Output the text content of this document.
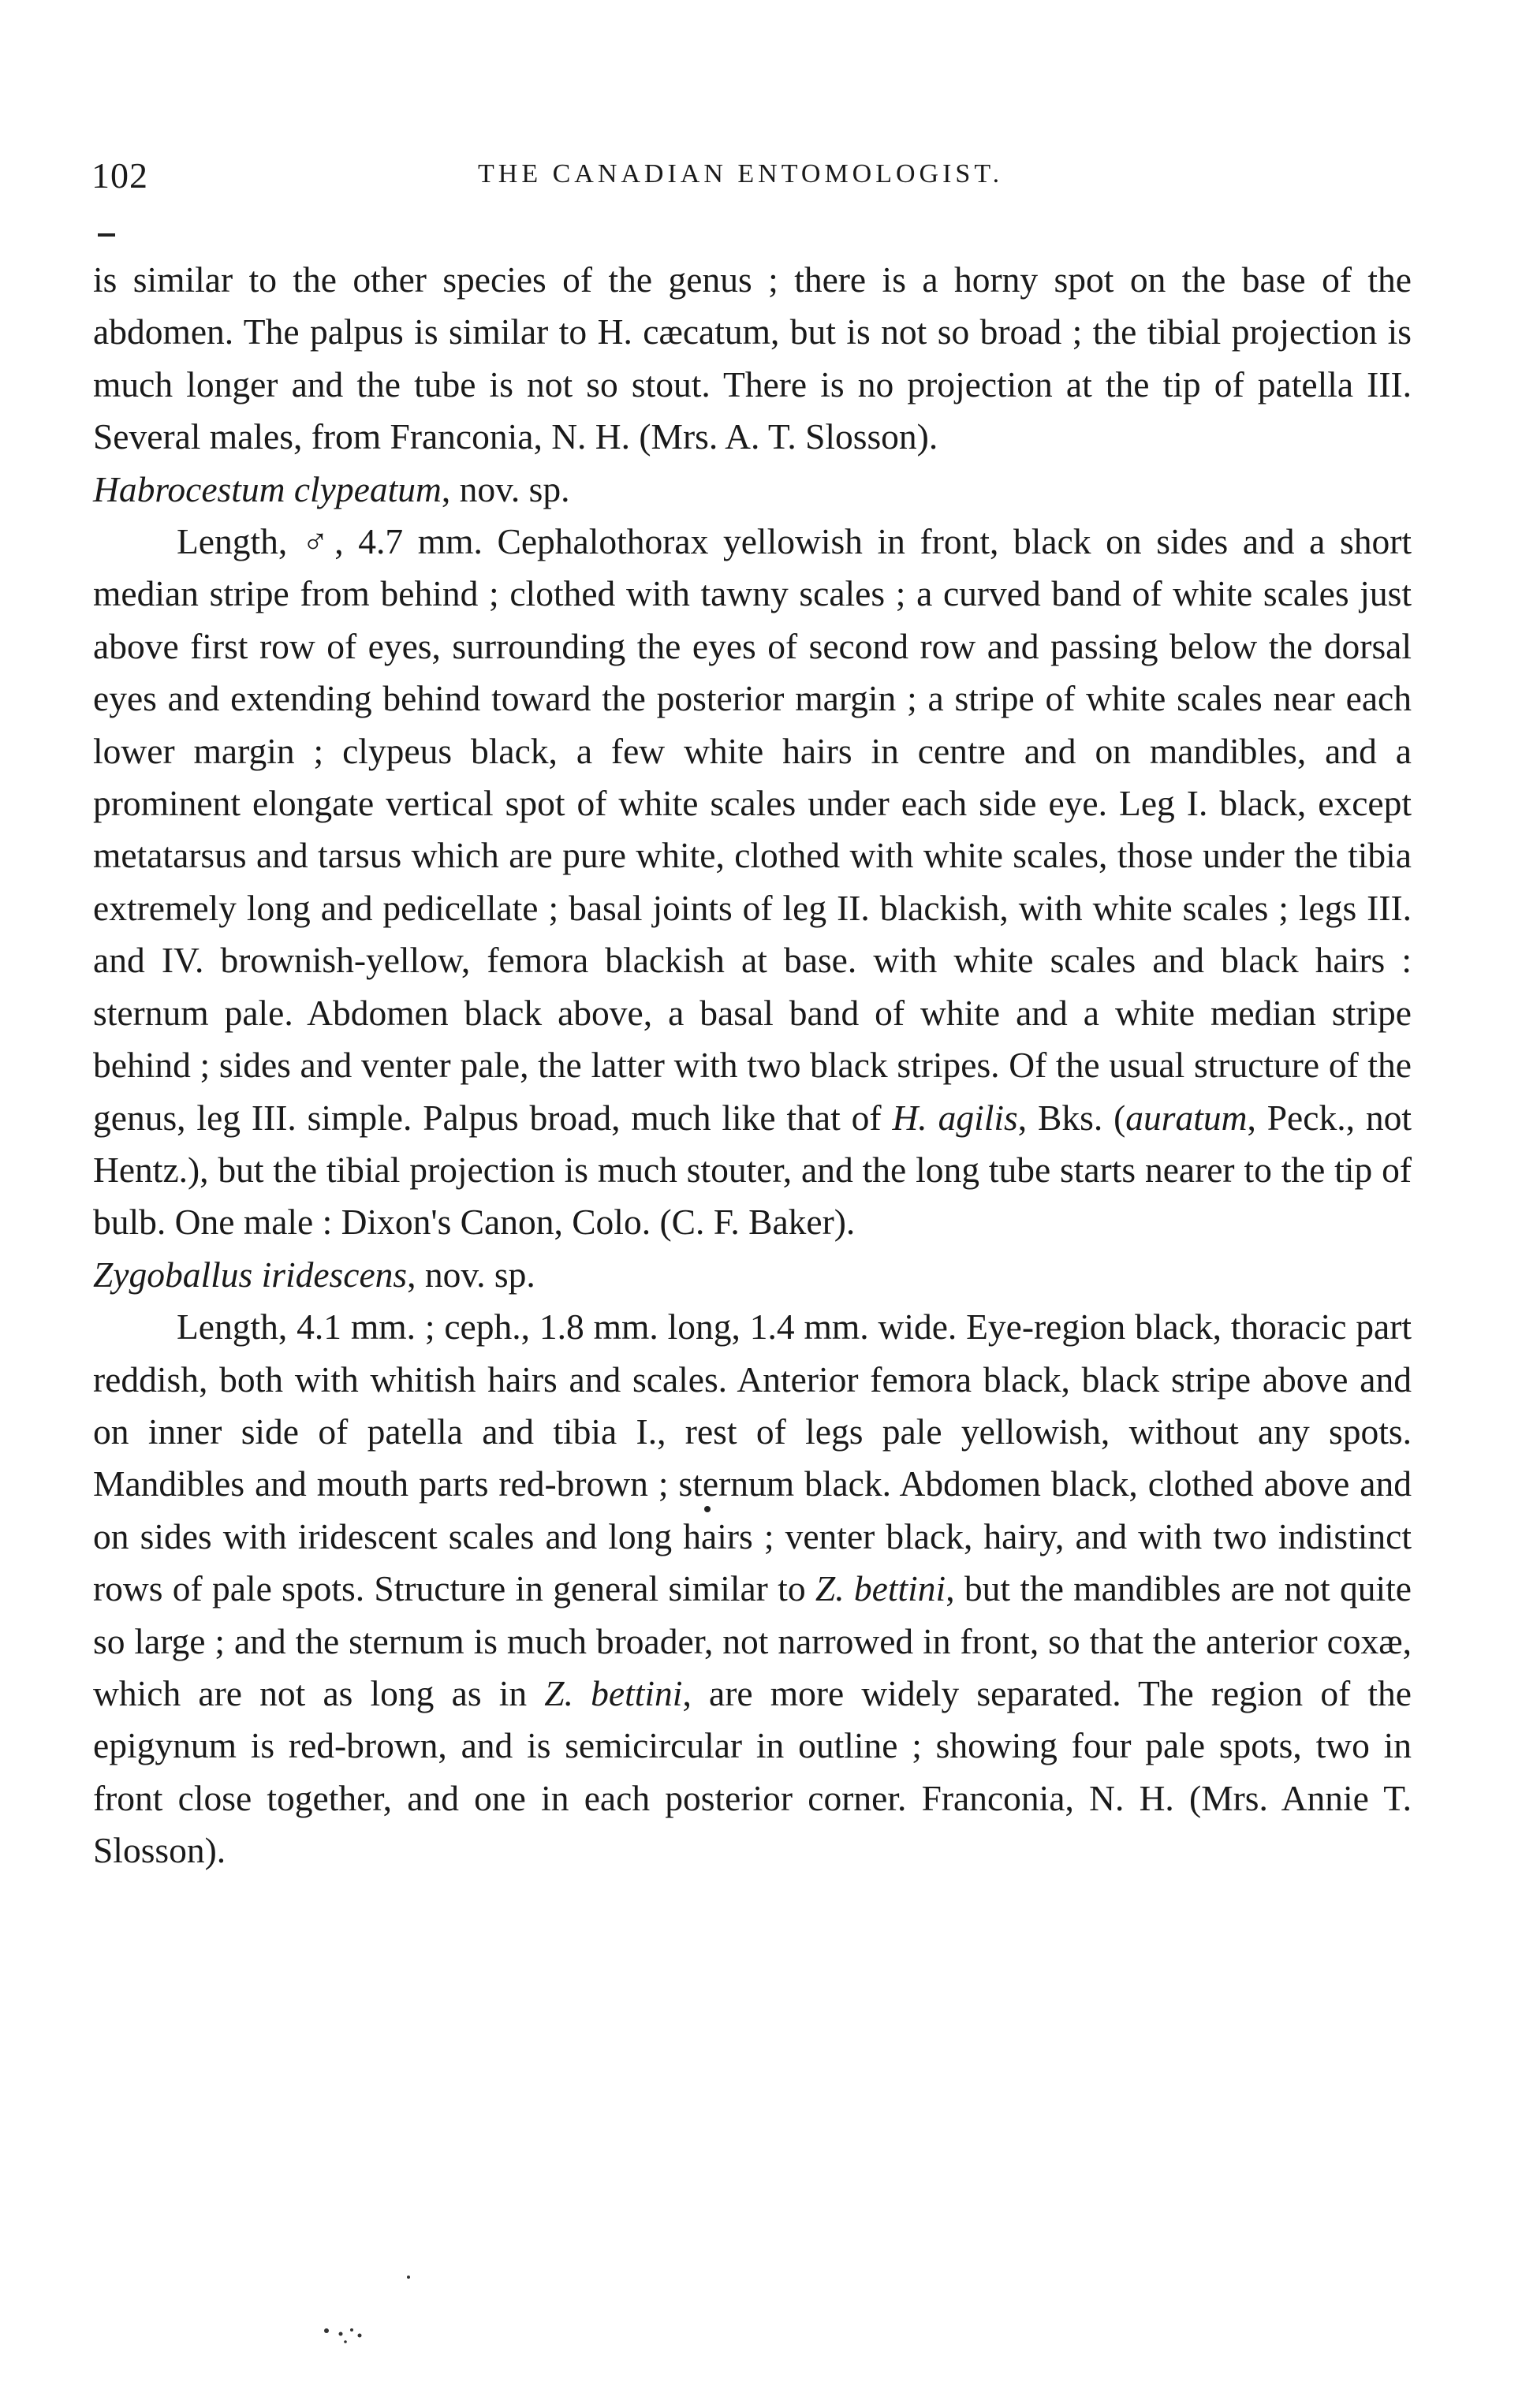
102	THE CANADIAN ENTOMOLOGIST.

is similar to the other species of the genus ; there is a horny spot on the base of the abdomen. The palpus is similar to H. cæcatum, but is not so broad ; the tibial projection is much longer and the tube is not so stout. There is no projection at the tip of patella III. Several males, from Franconia, N. H. (Mrs. A. T. Slosson).

Habrocestum clypeatum, nov. sp.

Length, ♂, 4.7 mm. Cephalothorax yellowish in front, black on sides and a short median stripe from behind ; clothed with tawny scales ; a curved band of white scales just above first row of eyes, surrounding the eyes of second row and passing below the dorsal eyes and extending behind toward the posterior margin ; a stripe of white scales near each lower margin ; clypeus black, a few white hairs in centre and on mandibles, and a prominent elongate vertical spot of white scales under each side eye. Leg I. black, except metatarsus and tarsus which are pure white, clothed with white scales, those under the tibia extremely long and pedicellate ; basal joints of leg II. blackish, with white scales ; legs III. and IV. brownish-yellow, femora blackish at base. with white scales and black hairs : sternum pale. Abdomen black above, a basal band of white and a white median stripe behind ; sides and venter pale, the latter with two black stripes. Of the usual structure of the genus, leg III. simple. Palpus broad, much like that of H. agilis, Bks. (auratum, Peck., not Hentz.), but the tibial projection is much stouter, and the long tube starts nearer to the tip of bulb. One male : Dixon's Canon, Colo. (C. F. Baker).

Zygoballus iridescens, nov. sp.

Length, 4.1 mm. ; ceph., 1.8 mm. long, 1.4 mm. wide. Eye-region black, thoracic part reddish, both with whitish hairs and scales. Anterior femora black, black stripe above and on inner side of patella and tibia I., rest of legs pale yellowish, without any spots. Mandibles and mouth parts red-brown ; sternum black. Abdomen black, clothed above and on sides with iridescent scales and long hairs ; venter black, hairy, and with two indistinct rows of pale spots. Structure in general similar to Z. bettini, but the mandibles are not quite so large ; and the sternum is much broader, not narrowed in front, so that the anterior coxæ, which are not as long as in Z. bettini, are more widely separated. The region of the epigynum is red-brown, and is semicircular in outline ; showing four pale spots, two in front close together, and one in each posterior corner. Franconia, N. H. (Mrs. Annie T. Slosson).
